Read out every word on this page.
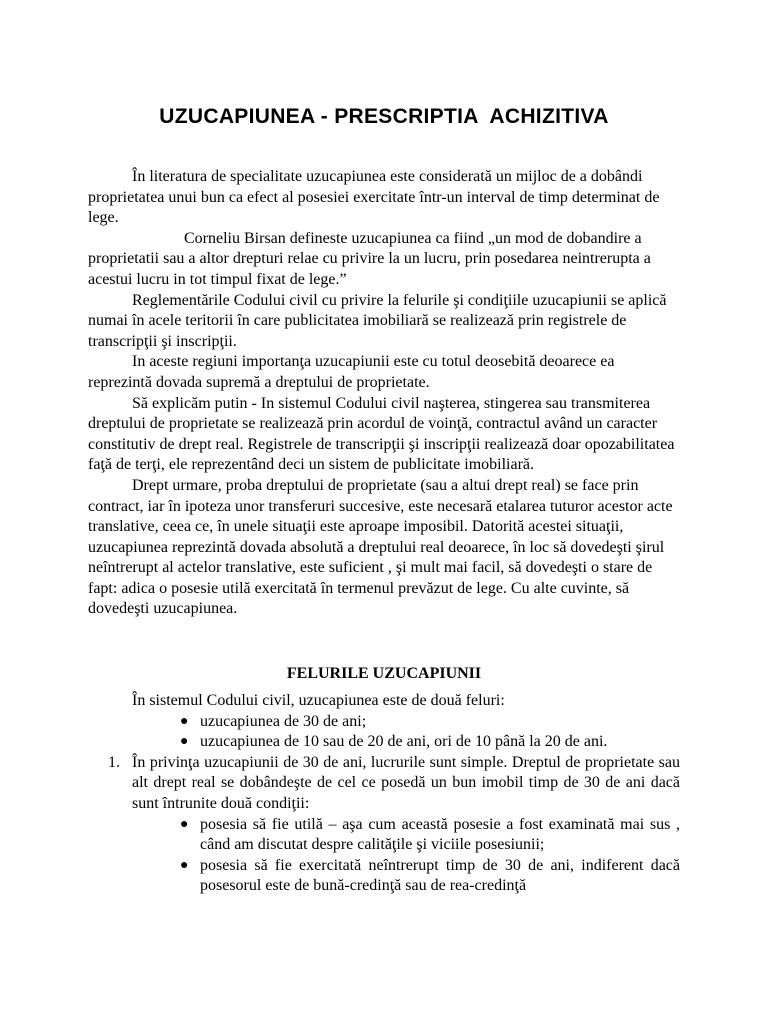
UZUCAPIUNEA - PRESCRIPTIA  ACHIZITIVA

În literatura de specialitate uzucapiunea este considerată un mijloc de a dobândi proprietatea unui bun ca efect al posesiei exercitate într-un interval de timp determinat de lege.

Corneliu Birsan defineste uzucapiunea ca fiind „un mod de dobandire a proprietatii sau a altor drepturi relae cu privire la un lucru, prin posedarea neintrerupta a acestui lucru in tot timpul fixat de lege.”

Reglementările Codului civil cu privire la felurile şi condiţiile uzucapiunii se aplică numai în acele teritorii în care publicitatea imobiliară se realizează prin registrele de transcripţii şi inscripţii.

In aceste regiuni importanţa uzucapiunii este cu totul deosebită deoarece ea reprezintă dovada supremă a dreptului de proprietate.

Să explicăm putin - In sistemul Codului civil naşterea, stingerea sau transmiterea dreptului de proprietate se realizează prin acordul de voinţă, contractul având un caracter constitutiv de drept real. Registrele de transcripţii şi inscripţii realizează doar opozabilitatea faţă de terţi, ele reprezentând deci un sistem de publicitate imobiliară.

Drept urmare, proba dreptului de proprietate (sau a altui drept real) se face prin contract, iar în ipoteza unor transferuri succesive, este necesară etalarea tuturor acestor acte translative, ceea ce, în unele situaţii este aproape imposibil. Datorită acestei situaţii, uzucapiunea reprezintă dovada absolută a dreptului real deoarece, în loc să dovedeşti şirul neîntrerupt al actelor translative, este suficient , şi mult mai facil, să dovedeşti o stare de fapt: adica o posesie utilă exercitată în termenul prevăzut de lege. Cu alte cuvinte, să dovedeşti uzucapiunea.

FELURILE UZUCAPIUNII

În sistemul Codului civil, uzucapiunea este de două feluri:

● uzucapiunea de 30 de ani;
● uzucapiunea de 10 sau de 20 de ani, ori de 10 până la 20 de ani.

1. În privinţa uzucapiunii de 30 de ani, lucrurile sunt simple. Dreptul de proprietate sau alt drept real se dobândeşte de cel ce posedă un bun imobil timp de 30 de ani dacă sunt întrunite două condiţii:

● posesia să fie utilă – aşa cum această posesie a fost examinată mai sus , când am discutat despre calităţile şi viciile posesiunii;
● posesia să fie exercitată neîntrerupt timp de 30 de ani, indiferent dacă posesorul este de bună-credinţă sau de rea-credinţă
